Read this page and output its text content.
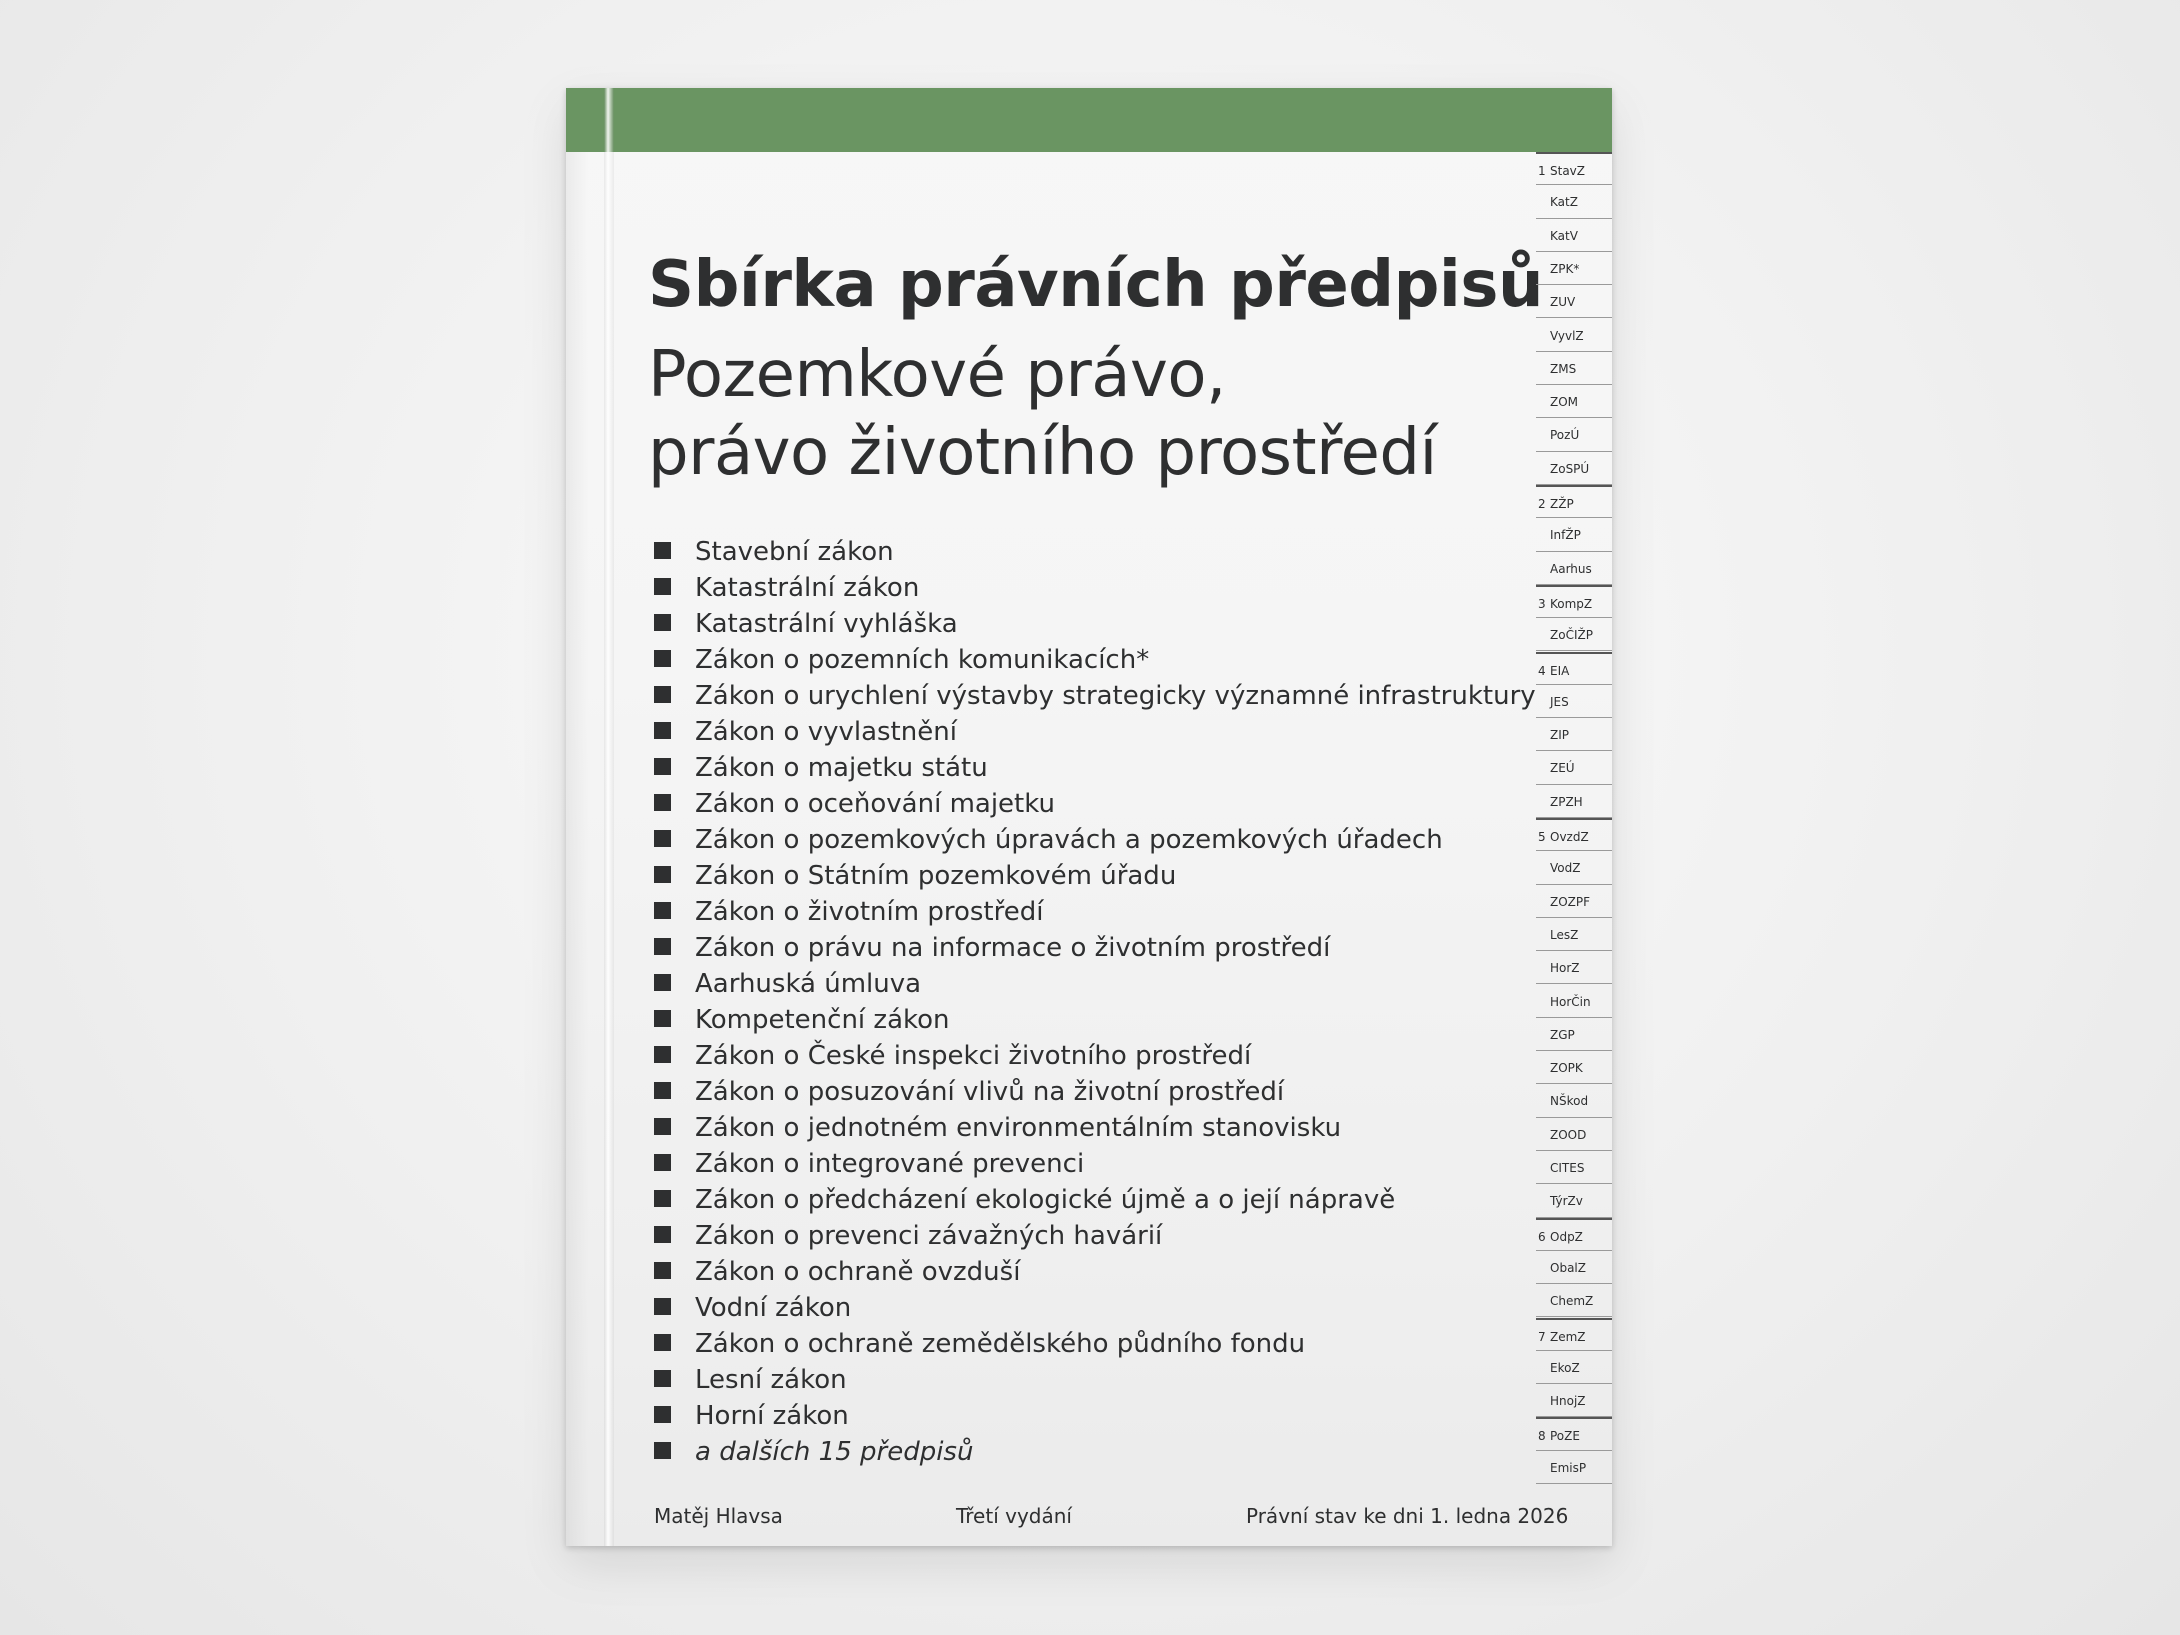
Sbírka právních předpisů
Pozemkové právo,
právo životního prostředí
Stavební zákon
Katastrální zákon
Katastrální vyhláška
Zákon o pozemních komunikacích*
Zákon o urychlení výstavby strategicky významné infrastruktury
Zákon o vyvlastnění
Zákon o majetku státu
Zákon o oceňování majetku
Zákon o pozemkových úpravách a pozemkových úřadech
Zákon o Státním pozemkovém úřadu
Zákon o životním prostředí
Zákon o právu na informace o životním prostředí
Aarhuská úmluva
Kompetenční zákon
Zákon o České inspekci životního prostředí
Zákon o posuzování vlivů na životní prostředí
Zákon o jednotném environmentálním stanovisku
Zákon o integrované prevenci
Zákon o předcházení ekologické újmě a o její nápravě
Zákon o prevenci závažných havárií
Zákon o ochraně ovzduší
Vodní zákon
Zákon o ochraně zemědělského půdního fondu
Lesní zákon
Horní zákon
a dalších 15 předpisů
1 StavZ
KatZ
KatV
ZPK*
ZUV
VyvlZ
ZMS
ZOM
PozÚ
ZoSPÚ
2 ZŽP
InfŽP
Aarhus
3 KompZ
ZoČIŽP
4 EIA
JES
ZIP
ZEÚ
ZPZH
5 OvzdZ
VodZ
ZOZPF
LesZ
HorZ
HorČin
ZGP
ZOPK
NŠkod
ZOOD
CITES
TýrZv
6 OdpZ
ObalZ
ChemZ
7 ZemZ
EkoZ
HnojZ
8 PoZE
EmisP

Matěj Hlavsa	Třetí vydání	Právní stav ke dni 1. ledna 2026
